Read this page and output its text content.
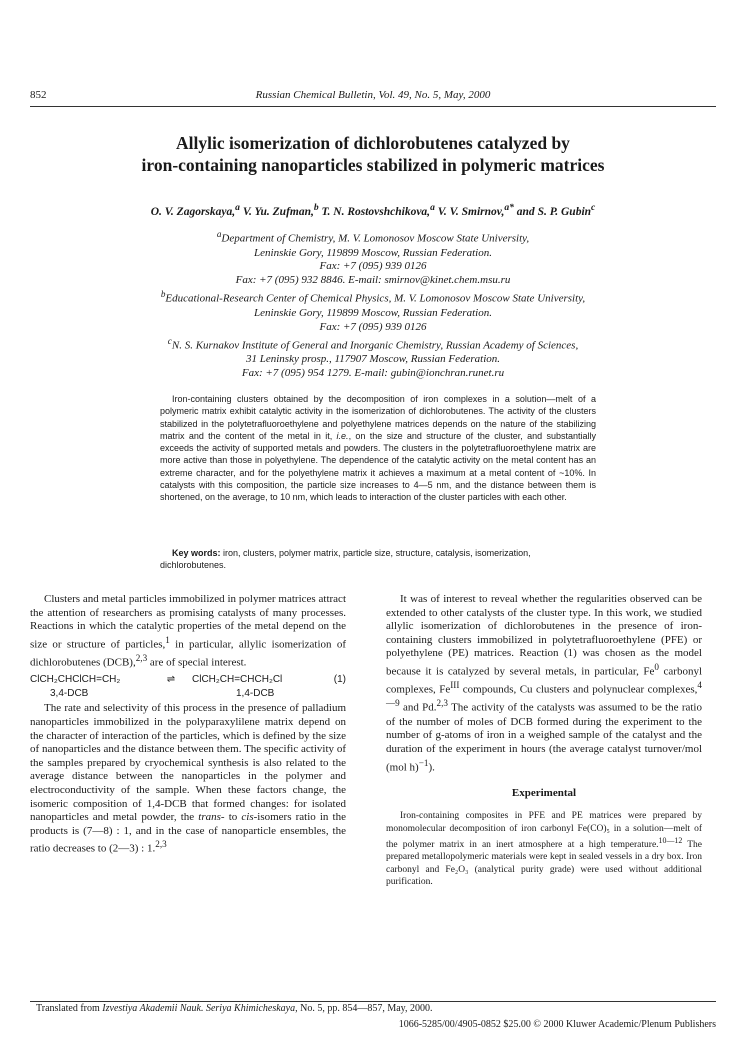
852	Russian Chemical Bulletin, Vol. 49, No. 5, May, 2000
Allylic isomerization of dichlorobutenes catalyzed by
iron-containing nanoparticles stabilized in polymeric matrices
O. V. Zagorskaya,$^a$ V. Yu. Zufman,$^b$ T. N. Rostovshchikova,$^a$ V. V. Smirnov,$^{a*}$ and S. P. Gubin$^c$
$^a$Department of Chemistry, M. V. Lomonosov Moscow State University,
Leninskie Gory, 119899 Moscow, Russian Federation.
Fax: +7 (095) 939 0126
Fax: +7 (095) 932 8846. E-mail: smirnov@kinet.chem.msu.ru
$^b$Educational-Research Center of Chemical Physics, M. V. Lomonosov Moscow State University,
Leninskie Gory, 119899 Moscow, Russian Federation.
Fax: +7 (095) 939 0126
$^c$N. S. Kurnakov Institute of General and Inorganic Chemistry, Russian Academy of Sciences,
31 Leninsky prosp., 117907 Moscow, Russian Federation.
Fax: +7 (095) 954 1279. E-mail: gubin@ionchran.runet.ru
Iron-containing clusters obtained by the decomposition of iron complexes in a solution—melt of a polymeric matrix exhibit catalytic activity in the isomerization of dichlorobutenes. The activity of the clusters stabilized in the polytetrafluoroethylene and polyethylene matrices depends on the nature of the stabilizing matrix and the content of the metal in it, i.e., on the size and structure of the cluster, and substantially exceeds the activity of supported metals and powders. The clusters in the polytetrafluoroethylene matrix are more active than those in polyethylene. The dependence of the catalytic activity on the metal content has an extreme character, and for the polyethylene matrix it achieves a maximum at a metal content of ~10%. In catalysts with this composition, the particle size increases to 4—5 nm, and the distance between them is shortened, on the average, to 10 nm, which leads to interaction of the cluster particles with each other.
Key words: iron, clusters, polymer matrix, particle size, structure, catalysis, isomerization, dichlorobutenes.

Clusters and metal particles immobilized in polymer matrices attract the attention of researchers as promising catalysts of many processes. Reactions in which the catalytic properties of the metal depend on the size or structure of particles,$^1$ in particular, allylic isomerization of dichlorobutenes (DCB),$^{2,3}$ are of special interest.

ClCH₂CHClCH=CH₂	⇌	ClCH₂CH=CHCH₂Cl	(1)
3,4-DCB	1,4-DCB

The rate and selectivity of this process in the presence of palladium nanoparticles immobilized in the polyparaxylilene matrix depend on the character of interaction of the particles, which is defined by the size of nanoparticles and the distance between them. The specific activity of the samples prepared by cryochemical synthesis is also related to the average distance between the nanoparticles in the polymer and electroconductivity of the sample. When these factors change, the isomeric composition of 1,4-DCB that formed changes: for isolated nanoparticles and metal powder, the trans- to cis-isomers ratio in the products is (7—8) : 1, and in the case of nanoparticle ensembles, the ratio decreases to (2—3) : 1.$^{2,3}$

It was of interest to reveal whether the regularities observed can be extended to other catalysts of the cluster type. In this work, we studied allylic isomerization of dichlorobutenes in the presence of iron-containing clusters immobilized in polytetrafluoroethylene (PFE) or polyethylene (PE) matrices. Reaction (1) was chosen as the model because it is catalyzed by several metals, in particular, Fe$^0$ carbonyl complexes, $Fe^{III}$ compounds, Cu clusters and polynuclear complexes,$^{4—9}$ and Pd.$^{2,3}$ The activity of the catalysts was assumed to be the ratio of the number of moles of DCB formed during the experiment to the number of g-atoms of iron in a weighed sample of the catalyst and the duration of the experiment in hours (the average catalyst turnover/mol (mol h)$^{-1}$).

Experimental

Iron-containing composites in PFE and PE matrices were prepared by monomolecular decomposition of iron carbonyl Fe(CO)₅ in a solution—melt of the polymer matrix in an inert atmosphere at a high temperature.$^{10—12}$ The prepared metallopolymeric materials were kept in sealed vessels in a dry box. Iron carbonyl and Fe₂O₃ (analytical purity grade) were used without additional purification.

Translated from Izvestiya Akademii Nauk. Seriya Khimicheskaya, No. 5, pp. 854—857, May, 2000.
1066-5285/00/4905-0852 $25.00 © 2000 Kluwer Academic/Plenum Publishers
